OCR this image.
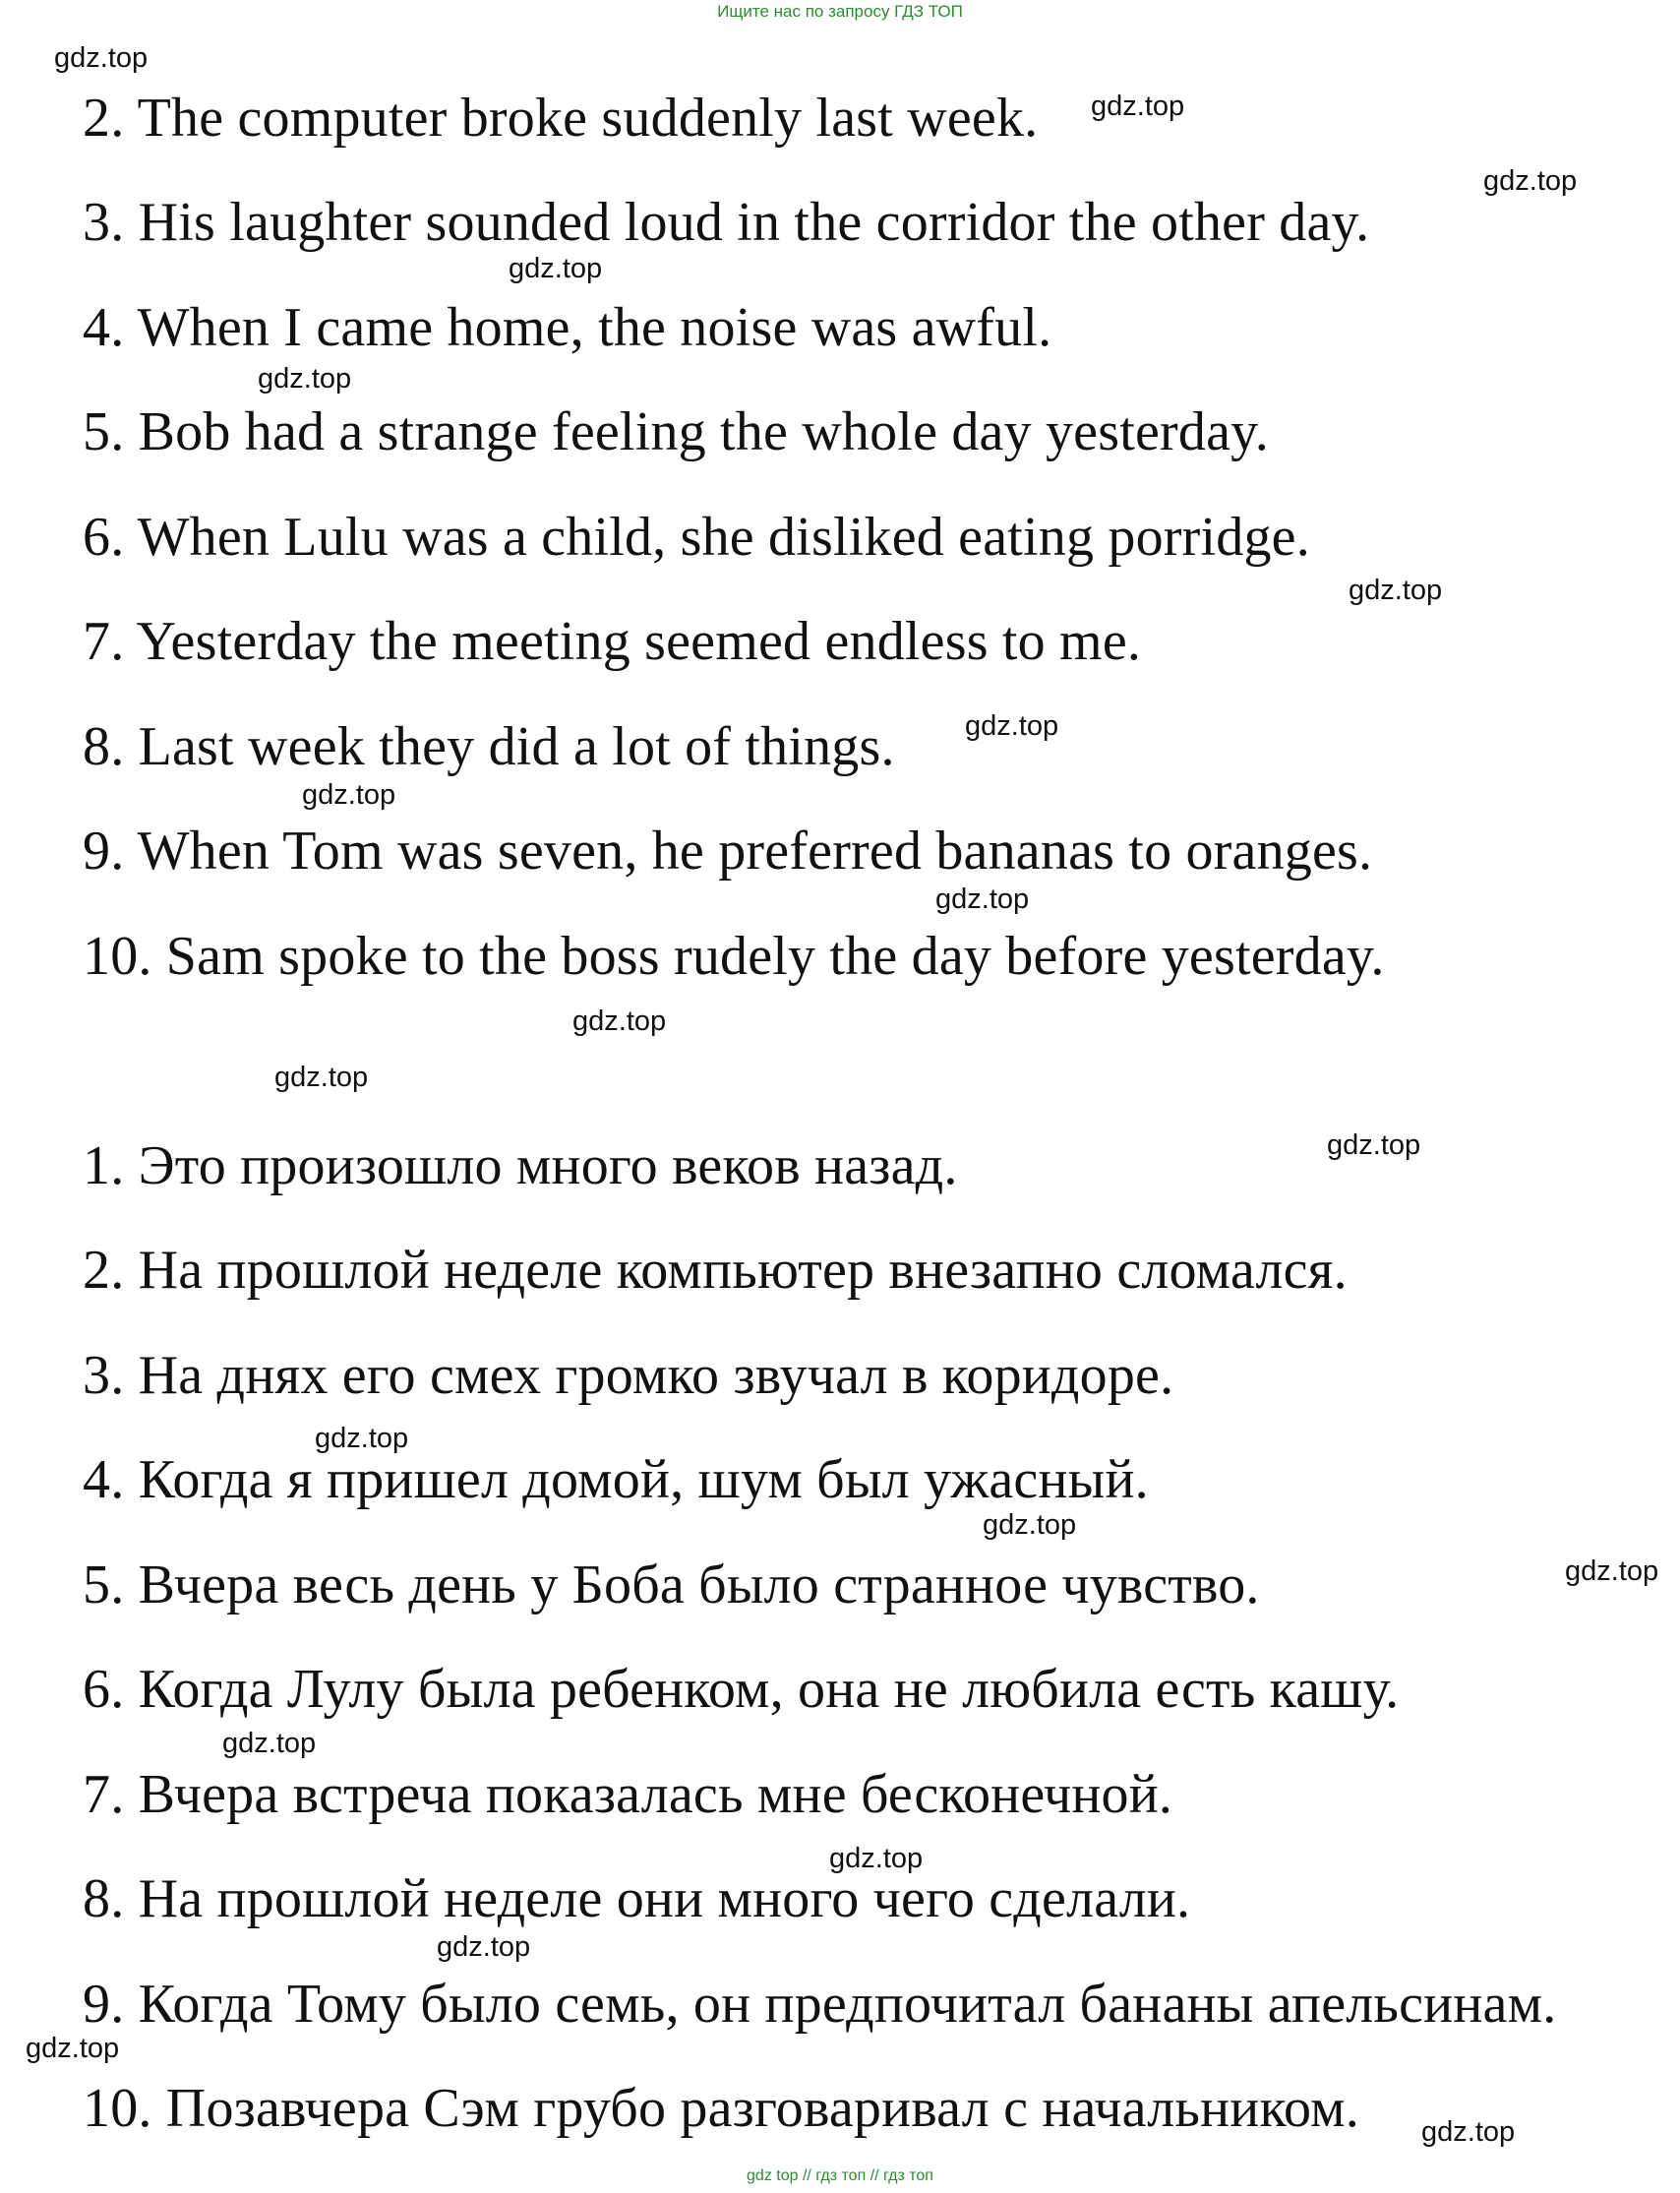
Ищите нас по запросу ГДЗ ТОП
2. The computer broke suddenly last week.
3. His laughter sounded loud in the corridor the other day.
4. When I came home, the noise was awful.
5. Bob had a strange feeling the whole day yesterday.
6. When Lulu was a child, she disliked eating porridge.
7. Yesterday the meeting seemed endless to me.
8. Last week they did a lot of things.
9. When Tom was seven, he preferred bananas to oranges.
10. Sam spoke to the boss rudely the day before yesterday.
1. Это произошло много веков назад.
2. На прошлой неделе компьютер внезапно сломался.
3. На днях его смех громко звучал в коридоре.
4. Когда я пришел домой, шум был ужасный.
5. Вчера весь день у Боба было странное чувство.
6. Когда Лулу была ребенком, она не любила есть кашу.
7. Вчера встреча показалась мне бесконечной.
8. На прошлой неделе они много чего сделали.
9. Когда Тому было семь, он предпочитал бананы апельсинам.
10. Позавчера Сэм грубо разговаривал с начальником.
gdz.top
gdz.top
gdz.top
gdz.top
gdz.top
gdz.top
gdz.top
gdz.top
gdz.top
gdz.top
gdz.top
gdz.top
gdz.top
gdz.top
gdz.top
gdz.top
gdz.top
gdz.top
gdz.top
gdz.top
gdz top // гдз топ // гдз топ
